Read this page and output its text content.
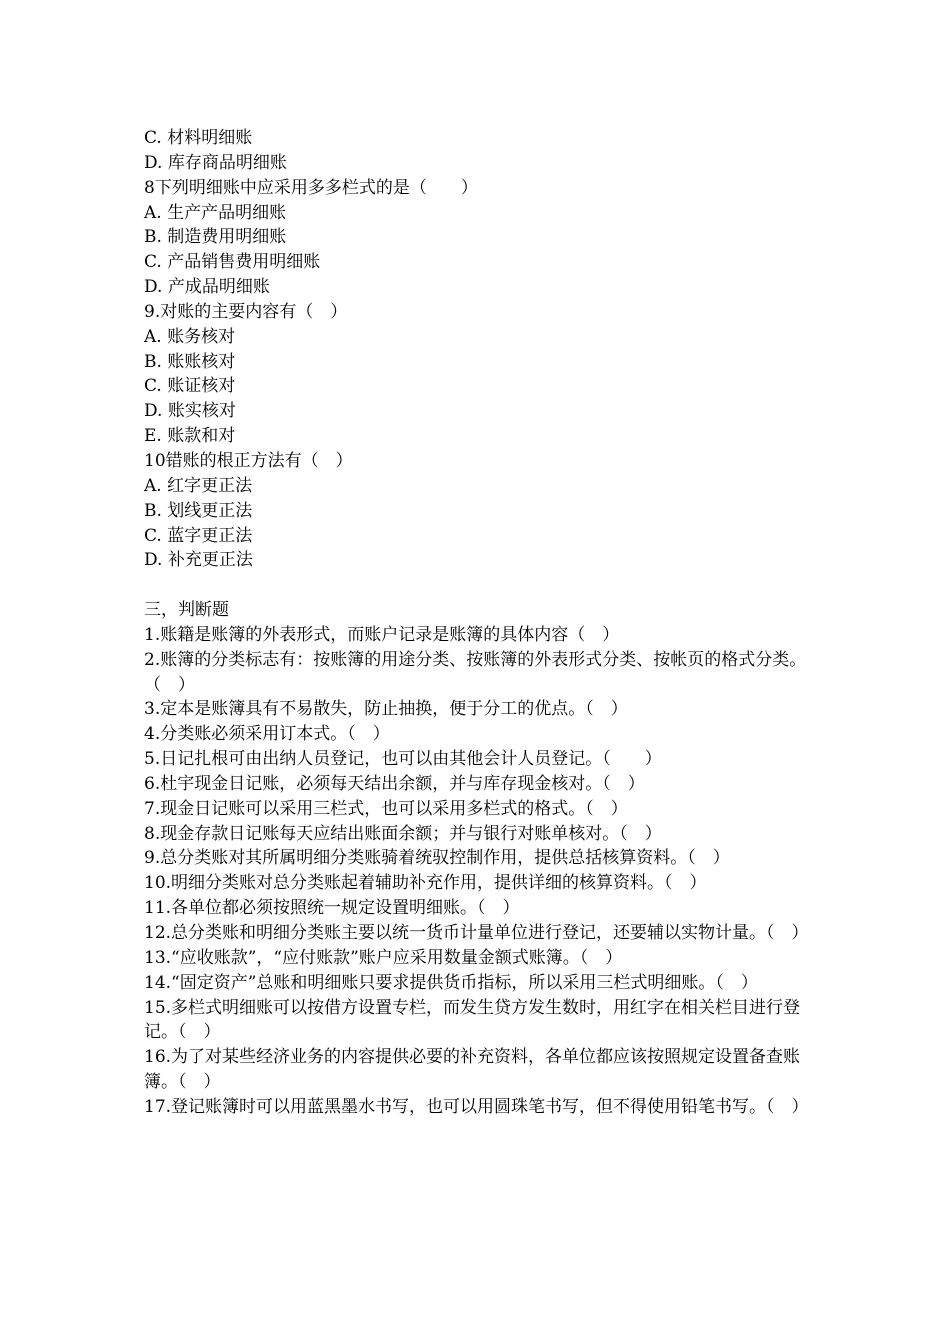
C. 材料明细账
D. 库存商品明细账
8下列明细账中应采用多多栏式的是（　　）
A. 生产产品明细账
B. 制造费用明细账
C. 产品销售费用明细账
D. 产成品明细账
9.对账的主要内容有（　）
A. 账务核对
B. 账账核对
C. 账证核对
D. 账实核对
E. 账款和对
10错账的根正方法有（　）
A. 红字更正法
B. 划线更正法
C. 蓝字更正法
D. 补充更正法
三，判断题
1.账籍是账簿的外表形式，而账户记录是账簿的具体内容（　）
2.账簿的分类标志有：按账簿的用途分类、按账簿的外表形式分类、按帐页的格式分类。（　）
3.定本是账簿具有不易散失，防止抽换，便于分工的优点。（　）
4.分类账必须采用订本式。（　）
5.日记扎根可由出纳人员登记，也可以由其他会计人员登记。（　　）
6.杜宇现金日记账，必须每天结出余额，并与库存现金核对。（　）
7.现金日记账可以采用三栏式，也可以采用多栏式的格式。（　）
8.现金存款日记账每天应结出账面余额；并与银行对账单核对。（　）
9.总分类账对其所属明细分类账骑着统驭控制作用，提供总括核算资料。（　）
10.明细分类账对总分类账起着辅助补充作用，提供详细的核算资料。（　）
11.各单位都必须按照统一规定设置明细账。（　）
12.总分类账和明细分类账主要以统一货币计量单位进行登记，还要辅以实物计量。（　）
13.“应收账款”，“应付账款”账户应采用数量金额式账簿。（　）
14.“固定资产”总账和明细账只要求提供货币指标，所以采用三栏式明细账。（　）
15.多栏式明细账可以按借方设置专栏，而发生贷方发生数时，用红字在相关栏目进行登记。（　）
16.为了对某些经济业务的内容提供必要的补充资料，各单位都应该按照规定设置备查账簿。（　）
17.登记账簿时可以用蓝黑墨水书写，也可以用圆珠笔书写，但不得使用铅笔书写。（　）
